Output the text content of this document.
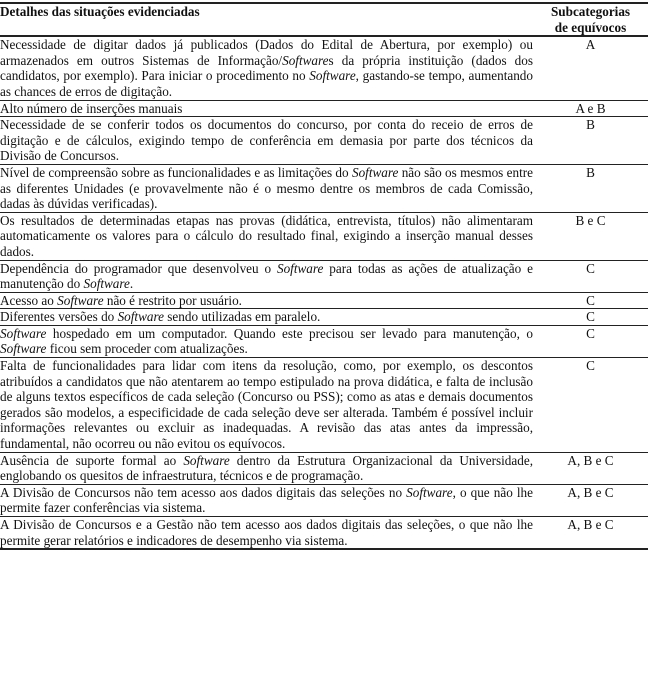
Detalhes das situações evidenciadas	Subcategorias
de equívocos

Necessidade de digitar dados já publicados (Dados do Edital de Abertura, por exemplo) ou armazenados em outros Sistemas de Informação/Softwares da própria instituição (dados dos candidatos, por exemplo). Para iniciar o procedimento no Software, gastando-se tempo, aumentando as chances de erros de digitação.	A
Alto número de inserções manuais	A e B
Necessidade de se conferir todos os documentos do concurso, por conta do receio de erros de digitação e de cálculos, exigindo tempo de conferência em demasia por parte dos técnicos da Divisão de Concursos.	B
Nível de compreensão sobre as funcionalidades e as limitações do Software não são os mesmos entre as diferentes Unidades (e provavelmente não é o mesmo dentre os membros de cada Comissão, dadas às dúvidas verificadas).	B
Os resultados de determinadas etapas nas provas (didática, entrevista, títulos) não alimentaram automaticamente os valores para o cálculo do resultado final, exigindo a inserção manual desses dados.	B e C
Dependência do programador que desenvolveu o Software para todas as ações de atualização e manutenção do Software.	C
Acesso ao Software não é restrito por usuário.	C
Diferentes versões do Software sendo utilizadas em paralelo.	C
Software hospedado em um computador. Quando este precisou ser levado para manutenção, o Software ficou sem proceder com atualizações.	C
Falta de funcionalidades para lidar com itens da resolução, como, por exemplo, os descontos atribuídos a candidatos que não atentarem ao tempo estipulado na prova didática, e falta de inclusão de alguns textos específicos de cada seleção (Concurso ou PSS); como as atas e demais documentos gerados são modelos, a especificidade de cada seleção deve ser alterada. Também é possível incluir informações relevantes ou excluir as inadequadas. A revisão das atas antes da impressão, fundamental, não ocorreu ou não evitou os equívocos.	C
Ausência de suporte formal ao Software dentro da Estrutura Organizacional da Universidade, englobando os quesitos de infraestrutura, técnicos e de programação.	A, B e C
A Divisão de Concursos não tem acesso aos dados digitais das seleções no Software, o que não lhe permite fazer conferências via sistema.	A, B e C
A Divisão de Concursos e a Gestão não tem acesso aos dados digitais das seleções, o que não lhe permite gerar relatórios e indicadores de desempenho via sistema.	A, B e C
